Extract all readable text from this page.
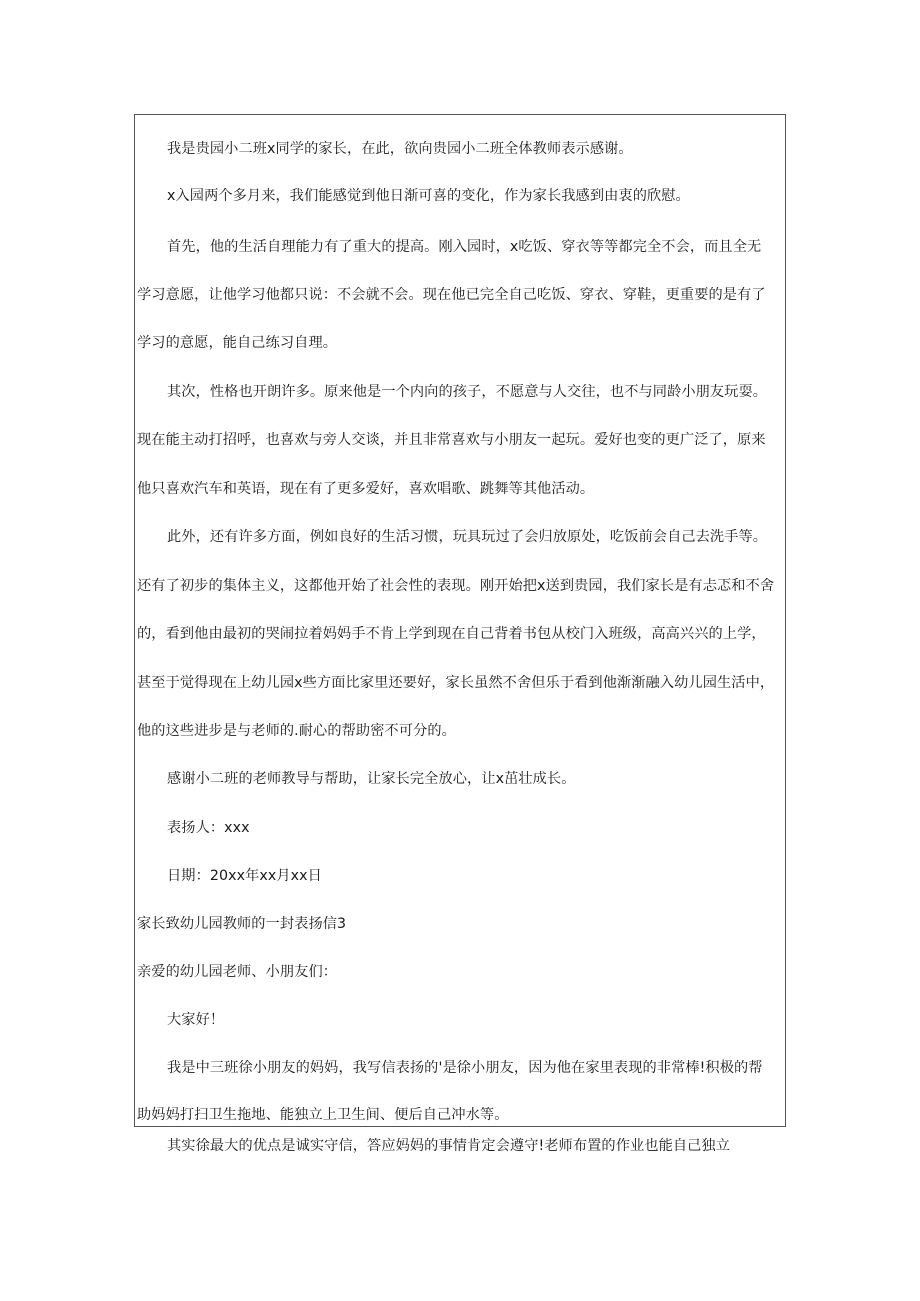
我是贵园小二班x同学的家长，在此，欲向贵园小二班全体教师表示感谢。
x入园两个多月来，我们能感觉到他日渐可喜的变化，作为家长我感到由衷的欣慰。
首先，他的生活自理能力有了重大的提高。刚入园时，x吃饭、穿衣等等都完全不会，而且全无
学习意愿，让他学习他都只说：不会就不会。现在他已完全自己吃饭、穿衣、穿鞋，更重要的是有了
学习的意愿，能自己练习自理。
其次，性格也开朗许多。原来他是一个内向的孩子，不愿意与人交往，也不与同龄小朋友玩耍。
现在能主动打招呼，也喜欢与旁人交谈，并且非常喜欢与小朋友一起玩。爱好也变的更广泛了，原来
他只喜欢汽车和英语，现在有了更多爱好，喜欢唱歌、跳舞等其他活动。
此外，还有许多方面，例如良好的生活习惯，玩具玩过了会归放原处，吃饭前会自己去洗手等。
还有了初步的集体主义，这都他开始了社会性的表现。刚开始把x送到贵园，我们家长是有忐忑和不舍
的，看到他由最初的哭闹拉着妈妈手不肯上学到现在自己背着书包从校门入班级，高高兴兴的上学，
甚至于觉得现在上幼儿园x些方面比家里还要好，家长虽然不舍但乐于看到他渐渐融入幼儿园生活中，
他的这些进步是与老师的.耐心的帮助密不可分的。
感谢小二班的老师教导与帮助，让家长完全放心，让x茁壮成长。
表扬人：xxx
日期：20xx年xx月xx日
家长致幼儿园教师的一封表扬信3
亲爱的幼儿园老师、小朋友们：
大家好！
我是中三班徐小朋友的妈妈，我写信表扬的'是徐小朋友，因为他在家里表现的非常棒!积极的帮
助妈妈打扫卫生拖地、能独立上卫生间、便后自己冲水等。
其实徐最大的优点是诚实守信，答应妈妈的事情肯定会遵守!老师布置的作业也能自己独立
